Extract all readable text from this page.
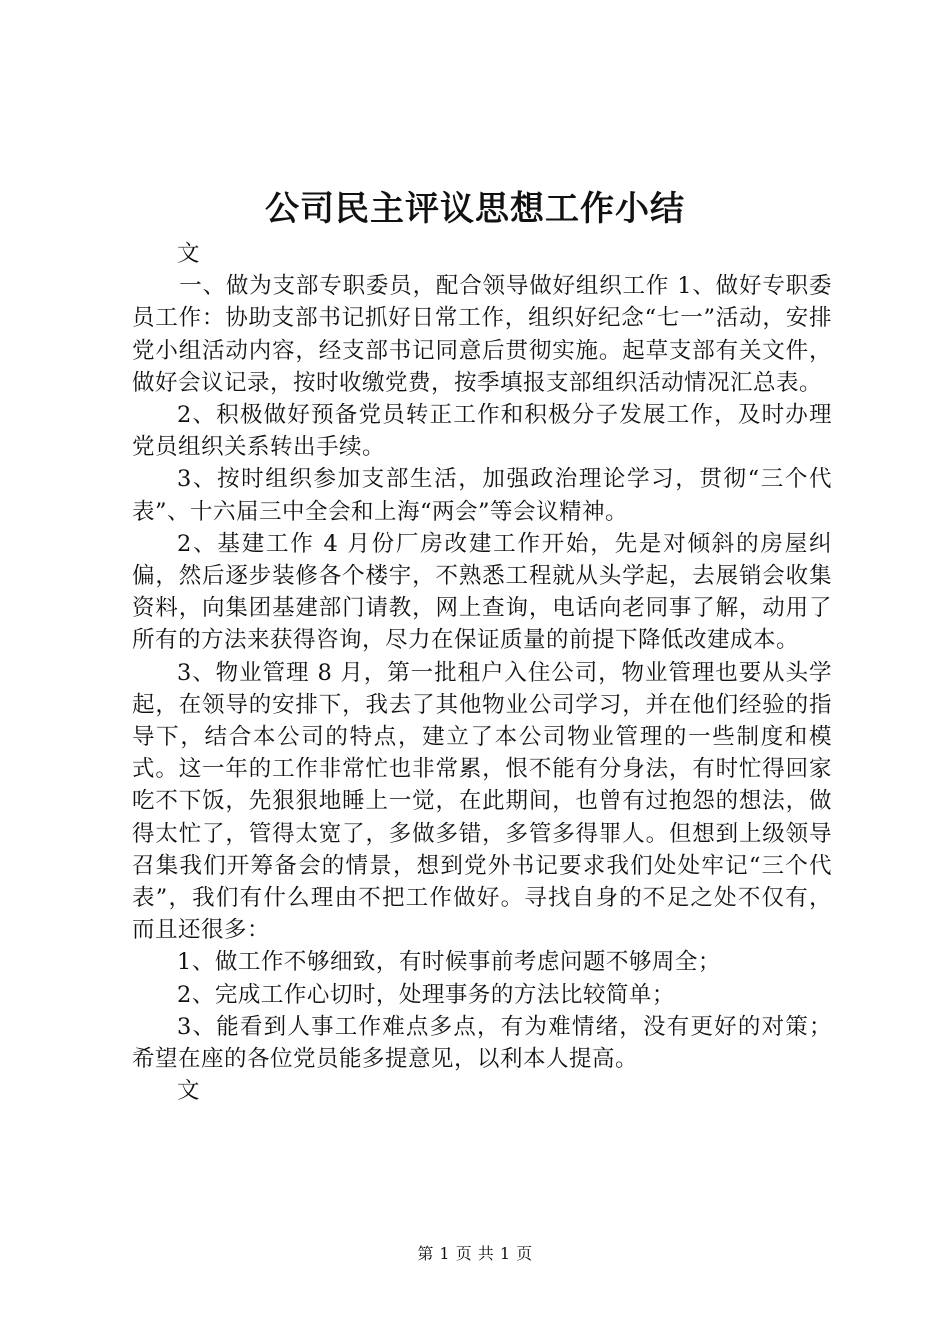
公司民主评议思想工作小结

文

一、做为支部专职委员，配合领导做好组织工作 1、做好专职委员工作：协助支部书记抓好日常工作，组织好纪念“七一”活动，安排党小组活动内容，经支部书记同意后贯彻实施。起草支部有关文件，做好会议记录，按时收缴党费，按季填报支部组织活动情况汇总表。

2、积极做好预备党员转正工作和积极分子发展工作，及时办理党员组织关系转出手续。

3、按时组织参加支部生活，加强政治理论学习，贯彻“三个代表”、十六届三中全会和上海“两会”等会议精神。

2、基建工作 4 月份厂房改建工作开始，先是对倾斜的房屋纠偏，然后逐步装修各个楼宇，不熟悉工程就从头学起，去展销会收集资料，向集团基建部门请教，网上查询，电话向老同事了解，动用了所有的方法来获得咨询，尽力在保证质量的前提下降低改建成本。

3、物业管理 8 月，第一批租户入住公司，物业管理也要从头学起，在领导的安排下，我去了其他物业公司学习，并在他们经验的指导下，结合本公司的特点，建立了本公司物业管理的一些制度和模式。这一年的工作非常忙也非常累，恨不能有分身法，有时忙得回家吃不下饭，先狠狠地睡上一觉，在此期间，也曾有过抱怨的想法，做得太忙了，管得太宽了，多做多错，多管多得罪人。但想到上级领导召集我们开筹备会的情景，想到党外书记要求我们处处牢记“三个代表”，我们有什么理由不把工作做好。寻找自身的不足之处不仅有，而且还很多：

1、做工作不够细致，有时候事前考虑问题不够周全；

2、完成工作心切时，处理事务的方法比较简单；

3、能看到人事工作难点多点，有为难情绪，没有更好的对策；希望在座的各位党员能多提意见，以利本人提高。

文

第 1 页 共 1 页
